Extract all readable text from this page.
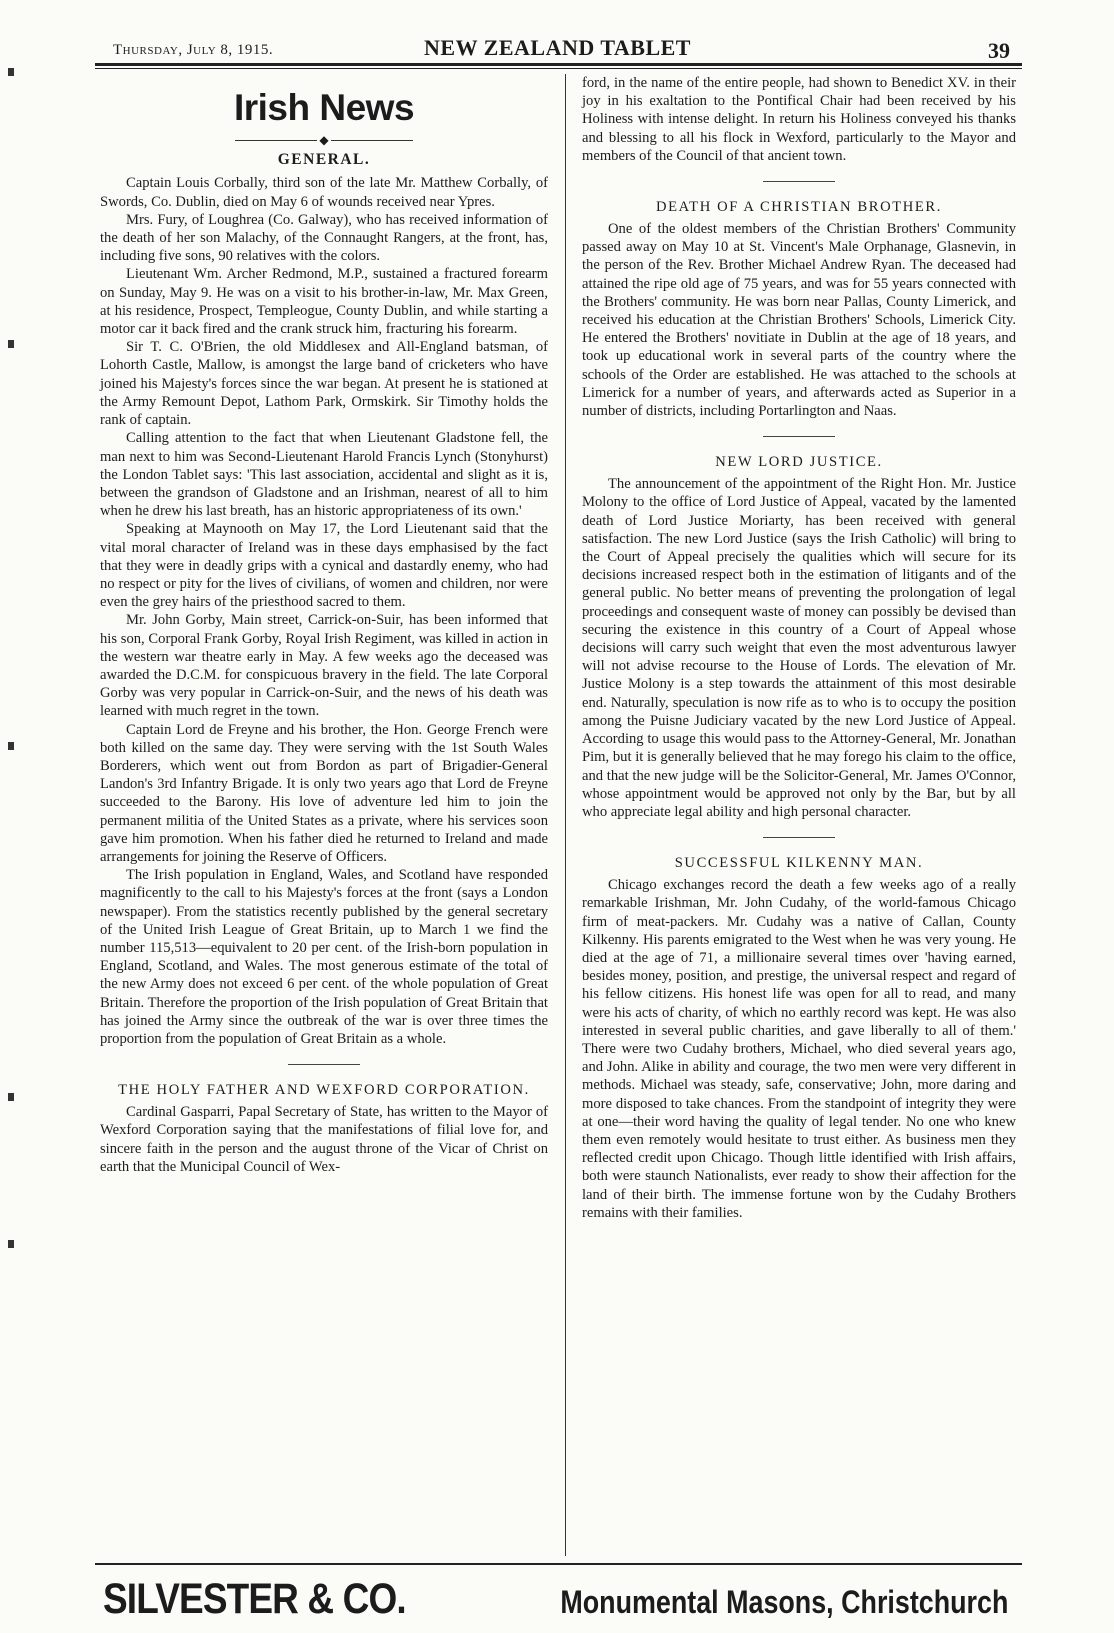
Thursday, July 8, 1915.	NEW ZEALAND TABLET	39
Irish News
◆
GENERAL.

Captain Louis Corbally, third son of the late Mr. Matthew Corbally, of Swords, Co. Dublin, died on May 6 of wounds received near Ypres.

Mrs. Fury, of Loughrea (Co. Galway), who has received information of the death of her son Malachy, of the Connaught Rangers, at the front, has, including five sons, 90 relatives with the colors.

Lieutenant Wm. Archer Redmond, M.P., sustained a fractured forearm on Sunday, May 9. He was on a visit to his brother-in-law, Mr. Max Green, at his residence, Prospect, Templeogue, County Dublin, and while starting a motor car it back fired and the crank struck him, fracturing his forearm.

Sir T. C. O'Brien, the old Middlesex and All-England batsman, of Lohorth Castle, Mallow, is amongst the large band of cricketers who have joined his Majesty's forces since the war began. At present he is stationed at the Army Remount Depot, Lathom Park, Ormskirk. Sir Timothy holds the rank of captain.

Calling attention to the fact that when Lieutenant Gladstone fell, the man next to him was Second-Lieutenant Harold Francis Lynch (Stonyhurst) the London Tablet says: 'This last association, accidental and slight as it is, between the grandson of Gladstone and an Irishman, nearest of all to him when he drew his last breath, has an historic appropriateness of its own.'

Speaking at Maynooth on May 17, the Lord Lieutenant said that the vital moral character of Ireland was in these days emphasised by the fact that they were in deadly grips with a cynical and dastardly enemy, who had no respect or pity for the lives of civilians, of women and children, nor were even the grey hairs of the priesthood sacred to them.

Mr. John Gorby, Main street, Carrick-on-Suir, has been informed that his son, Corporal Frank Gorby, Royal Irish Regiment, was killed in action in the western war theatre early in May. A few weeks ago the deceased was awarded the D.C.M. for conspicuous bravery in the field. The late Corporal Gorby was very popular in Carrick-on-Suir, and the news of his death was learned with much regret in the town.

Captain Lord de Freyne and his brother, the Hon. George French were both killed on the same day. They were serving with the 1st South Wales Borderers, which went out from Bordon as part of Brigadier-General Landon's 3rd Infantry Brigade. It is only two years ago that Lord de Freyne succeeded to the Barony. His love of adventure led him to join the permanent militia of the United States as a private, where his services soon gave him promotion. When his father died he returned to Ireland and made arrangements for joining the Reserve of Officers.

The Irish population in England, Wales, and Scotland have responded magnificently to the call to his Majesty's forces at the front (says a London newspaper). From the statistics recently published by the general secretary of the United Irish League of Great Britain, up to March 1 we find the number 115,513—equivalent to 20 per cent. of the Irish-born population in England, Scotland, and Wales. The most generous estimate of the total of the new Army does not exceed 6 per cent. of the whole population of Great Britain. Therefore the proportion of the Irish population of Great Britain that has joined the Army since the outbreak of the war is over three times the proportion from the population of Great Britain as a whole.

THE HOLY FATHER AND WEXFORD CORPORATION.

Cardinal Gasparri, Papal Secretary of State, has written to the Mayor of Wexford Corporation saying that the manifestations of filial love for, and sincere faith in the person and the august throne of the Vicar of Christ on earth that the Municipal Council of Wex-

ford, in the name of the entire people, had shown to Benedict XV. in their joy in his exaltation to the Pontifical Chair had been received by his Holiness with intense delight. In return his Holiness conveyed his thanks and blessing to all his flock in Wexford, particularly to the Mayor and members of the Council of that ancient town.

DEATH OF A CHRISTIAN BROTHER.

One of the oldest members of the Christian Brothers' Community passed away on May 10 at St. Vincent's Male Orphanage, Glasnevin, in the person of the Rev. Brother Michael Andrew Ryan. The deceased had attained the ripe old age of 75 years, and was for 55 years connected with the Brothers' community. He was born near Pallas, County Limerick, and received his education at the Christian Brothers' Schools, Limerick City. He entered the Brothers' novitiate in Dublin at the age of 18 years, and took up educational work in several parts of the country where the schools of the Order are established. He was attached to the schools at Limerick for a number of years, and afterwards acted as Superior in a number of districts, including Portarlington and Naas.

NEW LORD JUSTICE.

The announcement of the appointment of the Right Hon. Mr. Justice Molony to the office of Lord Justice of Appeal, vacated by the lamented death of Lord Justice Moriarty, has been received with general satisfaction. The new Lord Justice (says the Irish Catholic) will bring to the Court of Appeal precisely the qualities which will secure for its decisions increased respect both in the estimation of litigants and of the general public. No better means of preventing the prolongation of legal proceedings and consequent waste of money can possibly be devised than securing the existence in this country of a Court of Appeal whose decisions will carry such weight that even the most adventurous lawyer will not advise recourse to the House of Lords. The elevation of Mr. Justice Molony is a step towards the attainment of this most desirable end. Naturally, speculation is now rife as to who is to occupy the position among the Puisne Judiciary vacated by the new Lord Justice of Appeal. According to usage this would pass to the Attorney-General, Mr. Jonathan Pim, but it is generally believed that he may forego his claim to the office, and that the new judge will be the Solicitor-General, Mr. James O'Connor, whose appointment would be approved not only by the Bar, but by all who appreciate legal ability and high personal character.

SUCCESSFUL KILKENNY MAN.

Chicago exchanges record the death a few weeks ago of a really remarkable Irishman, Mr. John Cudahy, of the world-famous Chicago firm of meat-packers. Mr. Cudahy was a native of Callan, County Kilkenny. His parents emigrated to the West when he was very young. He died at the age of 71, a millionaire several times over 'having earned, besides money, position, and prestige, the universal respect and regard of his fellow citizens. His honest life was open for all to read, and many were his acts of charity, of which no earthly record was kept. He was also interested in several public charities, and gave liberally to all of them.' There were two Cudahy brothers, Michael, who died several years ago, and John. Alike in ability and courage, the two men were very different in methods. Michael was steady, safe, conservative; John, more daring and more disposed to take chances. From the standpoint of integrity they were at one—their word having the quality of legal tender. No one who knew them even remotely would hesitate to trust either. As business men they reflected credit upon Chicago. Though little identified with Irish affairs, both were staunch Nationalists, ever ready to show their affection for the land of their birth. The immense fortune won by the Cudahy Brothers remains with their families.

SILVESTER & CO.	Monumental Masons, Christchurch
